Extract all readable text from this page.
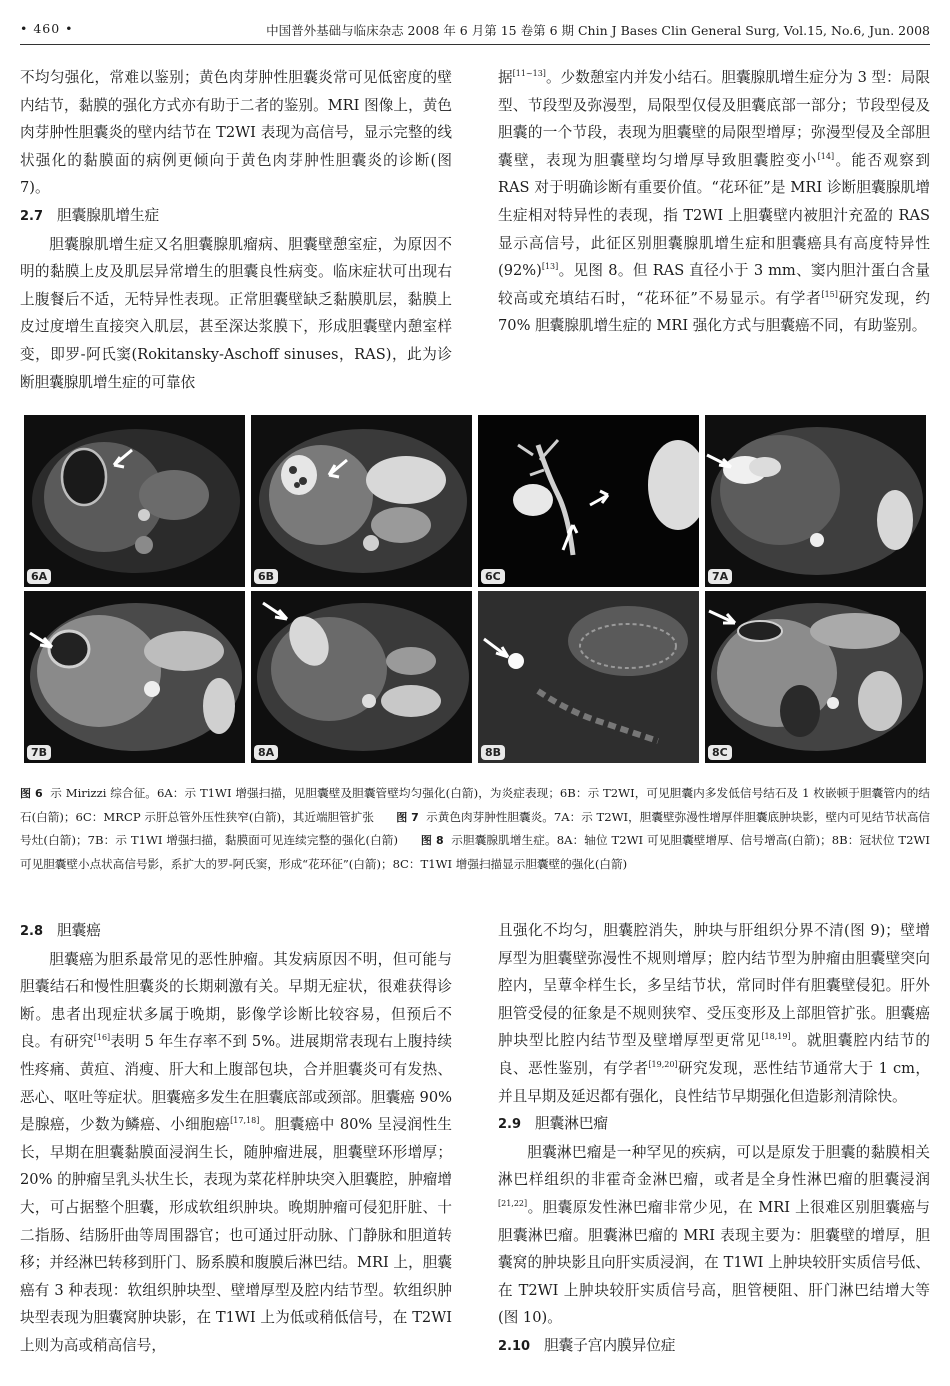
• 460 •	中国普外基础与临床杂志 2008 年 6 月第 15 卷第 6 期 Chin J Bases Clin General Surg, Vol.15, No.6, Jun. 2008

不均匀强化，常难以鉴别；黄色肉芽肿性胆囊炎常可见低密度的壁内结节，黏膜的强化方式亦有助于二者的鉴别。MRI 图像上，黄色肉芽肿性胆囊炎的壁内结节在 T2WI 表现为高信号，显示完整的线状强化的黏膜面的病例更倾向于黄色肉芽肿性胆囊炎的诊断(图 7)。

2.7 胆囊腺肌增生症

胆囊腺肌增生症又名胆囊腺肌瘤病、胆囊壁憩室症，为原因不明的黏膜上皮及肌层异常增生的胆囊良性病变。临床症状可出现右上腹餐后不适，无特异性表现。正常胆囊壁缺乏黏膜肌层，黏膜上皮过度增生直接突入肌层，甚至深达浆膜下，形成胆囊壁内憩室样变，即罗-阿氏窦(Rokitansky-Aschoff sinuses，RAS)，此为诊断胆囊腺肌增生症的可靠依

据[11~13]。少数憩室内并发小结石。胆囊腺肌增生症分为 3 型：局限型、节段型及弥漫型，局限型仅侵及胆囊底部一部分；节段型侵及胆囊的一个节段，表现为胆囊壁的局限型增厚；弥漫型侵及全部胆囊壁，表现为胆囊壁均匀增厚导致胆囊腔变小[14]。能否观察到 RAS 对于明确诊断有重要价值。“花环征”是 MRI 诊断胆囊腺肌增生症相对特异性的表现，指 T2WI 上胆囊壁内被胆汁充盈的 RAS 显示高信号，此征区别胆囊腺肌增生症和胆囊癌具有高度特异性(92%)[13]。见图 8。但 RAS 直径小于 3 mm、窦内胆汁蛋白含量较高或充填结石时，“花环征”不易显示。有学者[15]研究发现，约 70% 胆囊腺肌增生症的 MRI 强化方式与胆囊癌不同，有助鉴别。

6A	6B	6C	7A
7B	8A	8B	8C
图 6 示 Mirizzi 综合征。6A：示 T1WI 增强扫描，见胆囊壁及胆囊管壁均匀强化(白箭)，为炎症表现；6B：示 T2WI，可见胆囊内多发低信号结石及 1 枚嵌顿于胆囊管内的结石(白箭)；6C：MRCP 示肝总管外压性狭窄(白箭)，其近端胆管扩张 图 7 示黄色肉芽肿性胆囊炎。7A：示 T2WI，胆囊壁弥漫性增厚伴胆囊底肿块影，壁内可见结节状高信号灶(白箭)；7B：示 T1WI 增强扫描，黏膜面可见连续完整的强化(白箭) 图 8 示胆囊腺肌增生症。8A：轴位 T2WI 可见胆囊壁增厚、信号增高(白箭)；8B：冠状位 T2WI 可见胆囊壁小点状高信号影，系扩大的罗-阿氏窦，形成“花环征”(白箭)；8C：T1WI 增强扫描显示胆囊壁的强化(白箭)
2.8 胆囊癌

胆囊癌为胆系最常见的恶性肿瘤。其发病原因不明，但可能与胆囊结石和慢性胆囊炎的长期刺激有关。早期无症状，很难获得诊断。患者出现症状多属于晚期，影像学诊断比较容易，但预后不良。有研究[16]表明 5 年生存率不到 5%。进展期常表现右上腹持续性疼痛、黄疸、消瘦、肝大和上腹部包块，合并胆囊炎可有发热、恶心、呕吐等症状。胆囊癌多发生在胆囊底部或颈部。胆囊癌 90% 是腺癌，少数为鳞癌、小细胞癌[17,18]。胆囊癌中 80% 呈浸润性生长，早期在胆囊黏膜面浸润生长，随肿瘤进展，胆囊壁环形增厚；20% 的肿瘤呈乳头状生长，表现为菜花样肿块突入胆囊腔，肿瘤增大，可占据整个胆囊，形成软组织肿块。晚期肿瘤可侵犯肝脏、十二指肠、结肠肝曲等周围器官；也可通过肝动脉、门静脉和胆道转移；并经淋巴转移到肝门、肠系膜和腹膜后淋巴结。MRI 上，胆囊癌有 3 种表现：软组织肿块型、壁增厚型及腔内结节型。软组织肿块型表现为胆囊窝肿块影，在 T1WI 上为低或稍低信号，在 T2WI 上则为高或稍高信号，

且强化不均匀，胆囊腔消失，肿块与肝组织分界不清(图 9)；壁增厚型为胆囊壁弥漫性不规则增厚；腔内结节型为肿瘤由胆囊壁突向腔内，呈蕈伞样生长，多呈结节状，常同时伴有胆囊壁侵犯。肝外胆管受侵的征象是不规则狭窄、受压变形及上部胆管扩张。胆囊癌肿块型比腔内结节型及壁增厚型更常见[18,19]。就胆囊腔内结节的良、恶性鉴别，有学者[19,20]研究发现，恶性结节通常大于 1 cm，并且早期及延迟都有强化，良性结节早期强化但造影剂清除快。

2.9 胆囊淋巴瘤

胆囊淋巴瘤是一种罕见的疾病，可以是原发于胆囊的黏膜相关淋巴样组织的非霍奇金淋巴瘤，或者是全身性淋巴瘤的胆囊浸润[21,22]。胆囊原发性淋巴瘤非常少见，在 MRI 上很难区别胆囊癌与胆囊淋巴瘤。胆囊淋巴瘤的 MRI 表现主要为：胆囊壁的增厚，胆囊窝的肿块影且向肝实质浸润，在 T1WI 上肿块较肝实质信号低、在 T2WI 上肿块较肝实质信号高，胆管梗阻、肝门淋巴结增大等(图 10)。

2.10 胆囊子宫内膜异位症
